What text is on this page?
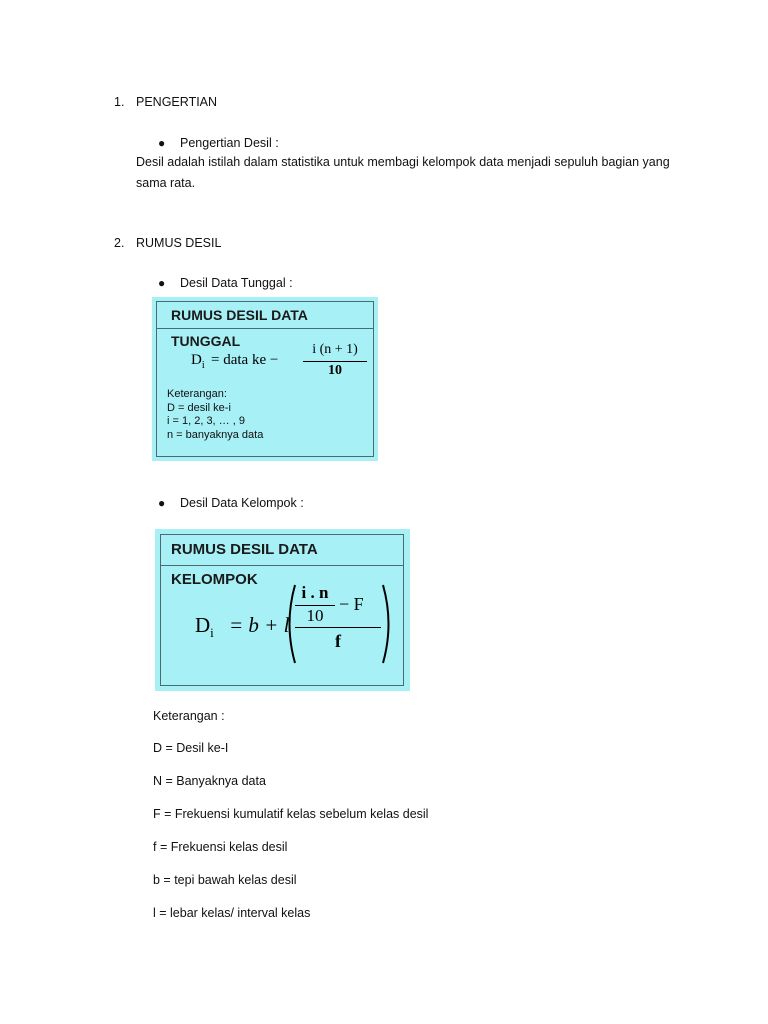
1. PENGERTIAN
● Pengertian Desil :
Desil adalah istilah dalam statistika untuk membagi kelompok data menjadi sepuluh bagian yang
sama rata.
2. RUMUS DESIL
● Desil Data Tunggal :
RUMUS DESIL DATA TUNGGAL
$D_i$ = data ke −
i (n + 1)
10
Keterangan:
D = desil ke-i
i = 1, 2, 3, … , 9
n = banyaknya data
● Desil Data Kelompok :
RUMUS DESIL DATA KELOMPOK
$D_i = b + l$
i . n
10
− F
f
Keterangan :
D = Desil ke-I
N = Banyaknya data
F = Frekuensi kumulatif kelas sebelum kelas desil
f = Frekuensi kelas desil
b = tepi bawah kelas desil
l = lebar kelas/ interval kelas
